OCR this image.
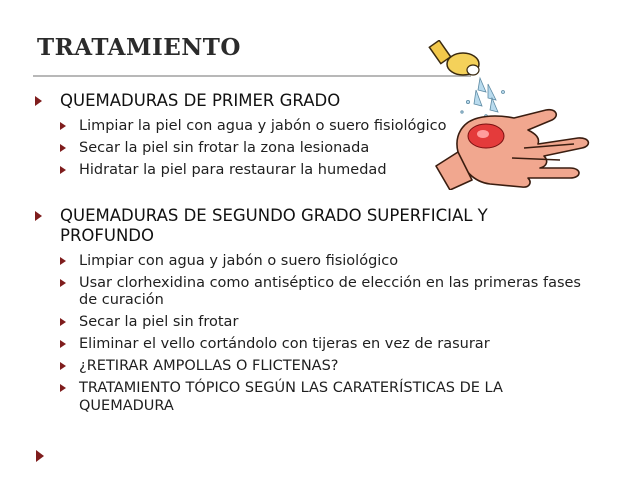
TRATAMIENTO
QUEMADURAS DE PRIMER GRADO
Limpiar la piel con agua y jabón o suero fisiológico
Secar la piel sin frotar la zona lesionada
Hidratar la piel para restaurar la humedad
QUEMADURAS DE SEGUNDO GRADO SUPERFICIAL Y
PROFUNDO
Limpiar con agua y jabón o suero fisiológico
Usar clorhexidina como antiséptico de elección en las primeras fases
de curación
Secar la piel sin frotar
Eliminar el vello cortándolo con tijeras en vez de rasurar
¿RETIRAR AMPOLLAS O FLICTENAS?
TRATAMIENTO TÓPICO SEGÚN LAS CARATERÍSTICAS DE LA
QUEMADURA
